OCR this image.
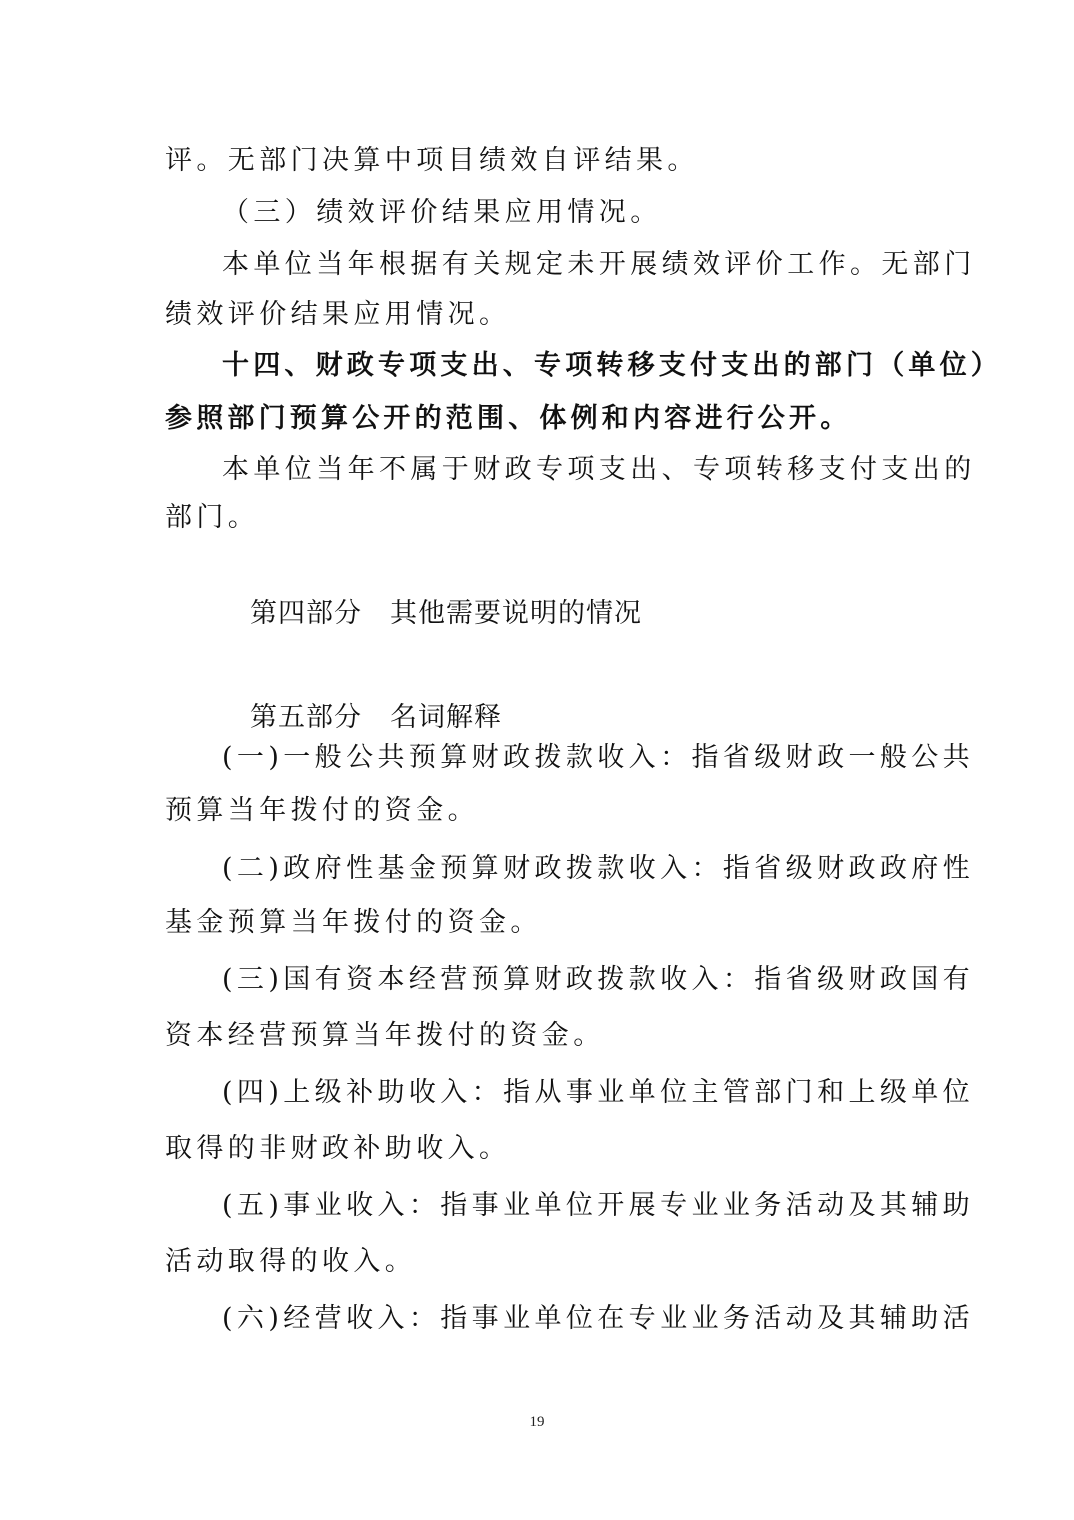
评。无部门决算中项目绩效自评结果。
（三）绩效评价结果应用情况。
本单位当年根据有关规定未开展绩效评价工作。无部门
绩效评价结果应用情况。
十四、财政专项支出、专项转移支付支出的部门（单位）
参照部门预算公开的范围、体例和内容进行公开。
本单位当年不属于财政专项支出、专项转移支付支出的
部门。
第四部分　其他需要说明的情况
第五部分　名词解释
(一)一般公共预算财政拨款收入：指省级财政一般公共
预算当年拨付的资金。
(二)政府性基金预算财政拨款收入：指省级财政政府性
基金预算当年拨付的资金。
(三)国有资本经营预算财政拨款收入：指省级财政国有
资本经营预算当年拨付的资金。
(四)上级补助收入：指从事业单位主管部门和上级单位
取得的非财政补助收入。
(五)事业收入：指事业单位开展专业业务活动及其辅助
活动取得的收入。
(六)经营收入：指事业单位在专业业务活动及其辅助活
19
